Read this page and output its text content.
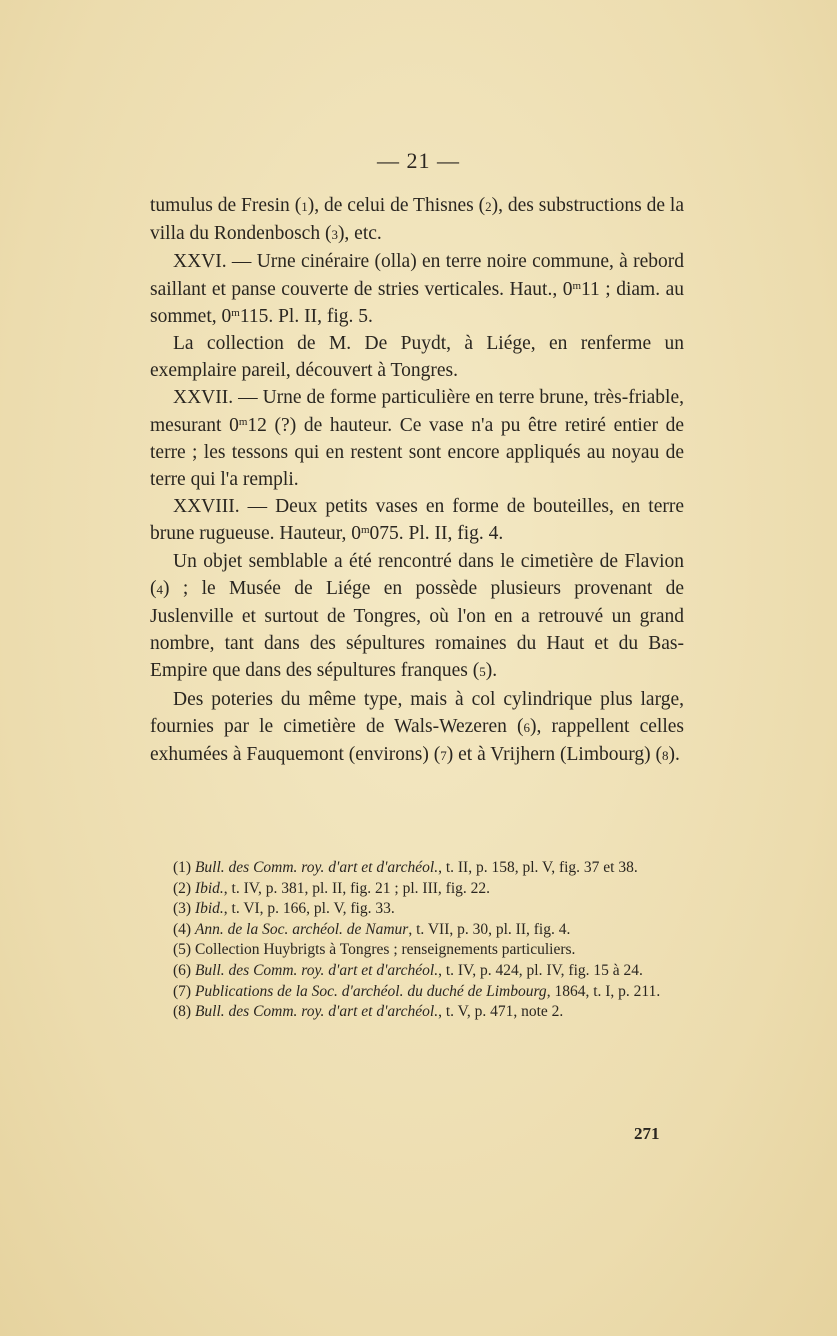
— 21 —

tumulus de Fresin (1), de celui de Thisnes (2), des substructions de la villa du Rondenbosch (3), etc.

XXVI. — Urne cinéraire (olla) en terre noire commune, à rebord saillant et panse couverte de stries verticales. Haut., 0$^m$11 ; diam. au sommet, 0$^m$115. Pl. II, fig. 5.

La collection de M. De Puydt, à Liége, en renferme un exemplaire pareil, découvert à Tongres.

XXVII. — Urne de forme particulière en terre brune, très-friable, mesurant 0$^m$12 (?) de hauteur. Ce vase n'a pu être retiré entier de terre ; les tessons qui en restent sont encore appliqués au noyau de terre qui l'a rempli.

XXVIII. — Deux petits vases en forme de bouteilles, en terre brune rugueuse. Hauteur, 0$^m$075. Pl. II, fig. 4.

Un objet semblable a été rencontré dans le cimetière de Flavion (4) ; le Musée de Liége en possède plusieurs provenant de Juslenville et surtout de Tongres, où l'on en a retrouvé un grand nombre, tant dans des sépultures romaines du Haut et du Bas-Empire que dans des sépultures franques (5).

Des poteries du même type, mais à col cylindrique plus large, fournies par le cimetière de Wals-Wezeren (6), rappellent celles exhumées à Fauquemont (environs) (7) et à Vrijhern (Limbourg) (8).

(1) Bull. des Comm. roy. d'art et d'archéol., t. II, p. 158, pl. V, fig. 37 et 38.

(2) Ibid., t. IV, p. 381, pl. II, fig. 21 ; pl. III, fig. 22.

(3) Ibid., t. VI, p. 166, pl. V, fig. 33.

(4) Ann. de la Soc. archéol. de Namur, t. VII, p. 30, pl. II, fig. 4.

(5) Collection Huybrigts à Tongres ; renseignements particuliers.

(6) Bull. des Comm. roy. d'art et d'archéol., t. IV, p. 424, pl. IV, fig. 15 à 24.

(7) Publications de la Soc. d'archéol. du duché de Limbourg, 1864, t. I, p. 211.

(8) Bull. des Comm. roy. d'art et d'archéol., t. V, p. 471, note 2.

271
